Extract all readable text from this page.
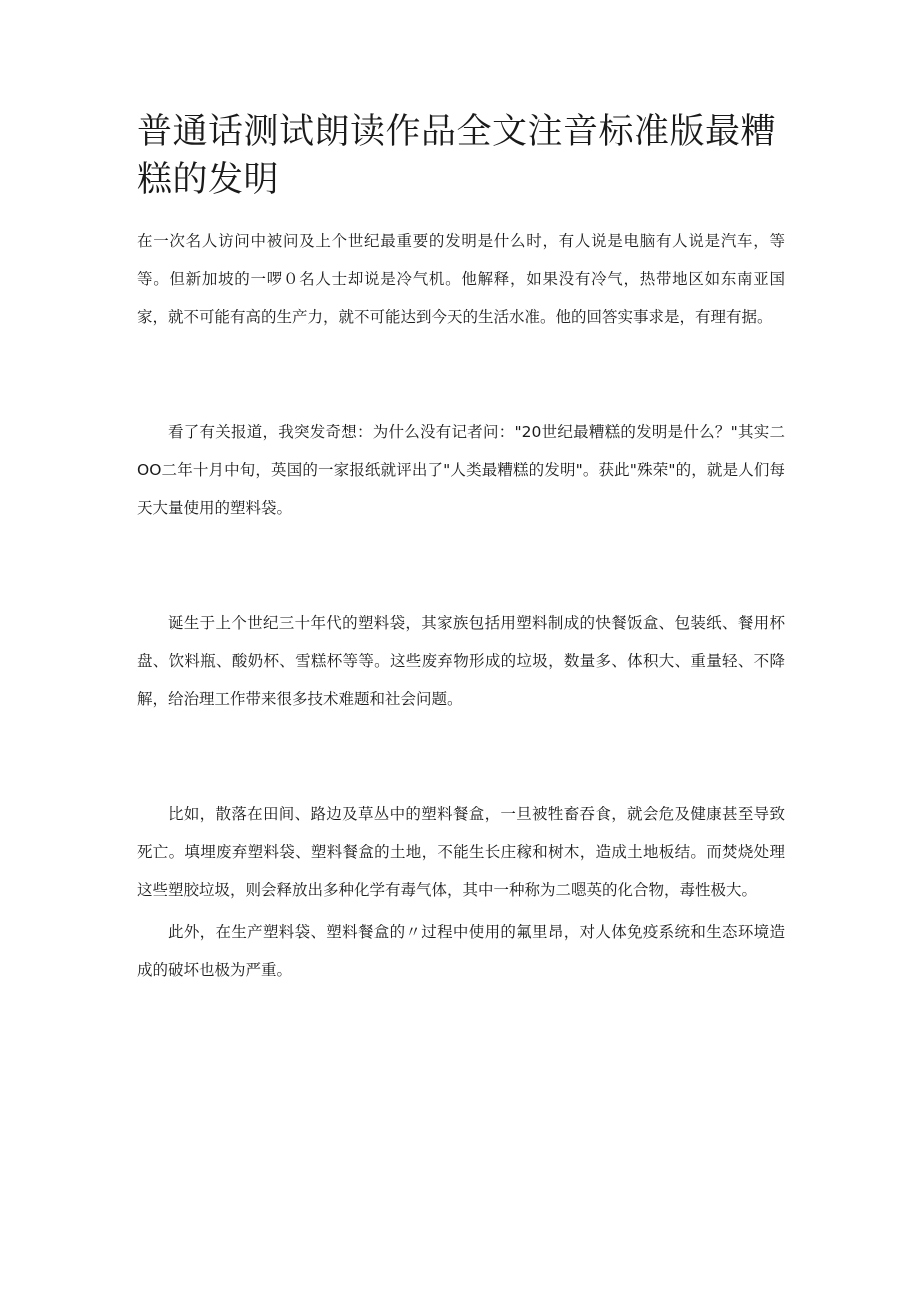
普通话测试朗读作品全文注音标准版最糟糕的发明

在一次名人访问中被问及上个世纪最重要的发明是什么时，有人说是电脑有人说是汽车，等等。但新加坡的一啰０名人士却说是冷气机。他解释，如果没有冷气，热带地区如东南亚国家，就不可能有高的生产力，就不可能达到今天的生活水准。他的回答实事求是，有理有据。

看了有关报道，我突发奇想：为什么没有记者问："20世纪最糟糕的发明是什么？"其实二OO二年十月中旬，英国的一家报纸就评出了"人类最糟糕的发明"。获此"殊荣"的，就是人们每天大量使用的塑料袋。

诞生于上个世纪三十年代的塑料袋，其家族包括用塑料制成的快餐饭盒、包装纸、餐用杯盘、饮料瓶、酸奶杯、雪糕杯等等。这些废弃物形成的垃圾，数量多、体积大、重量轻、不降解，给治理工作带来很多技术难题和社会问题。

比如，散落在田间、路边及草丛中的塑料餐盒，一旦被牲畜吞食，就会危及健康甚至导致死亡。填埋废弃塑料袋、塑料餐盒的土地，不能生长庄稼和树木，造成土地板结。而焚烧处理这些塑胶垃圾，则会释放出多种化学有毒气体，其中一种称为二嗯英的化合物，毒性极大。

此外，在生产塑料袋、塑料餐盒的〃过程中使用的氟里昂，对人体免疫系统和生态环境造成的破坏也极为严重。
